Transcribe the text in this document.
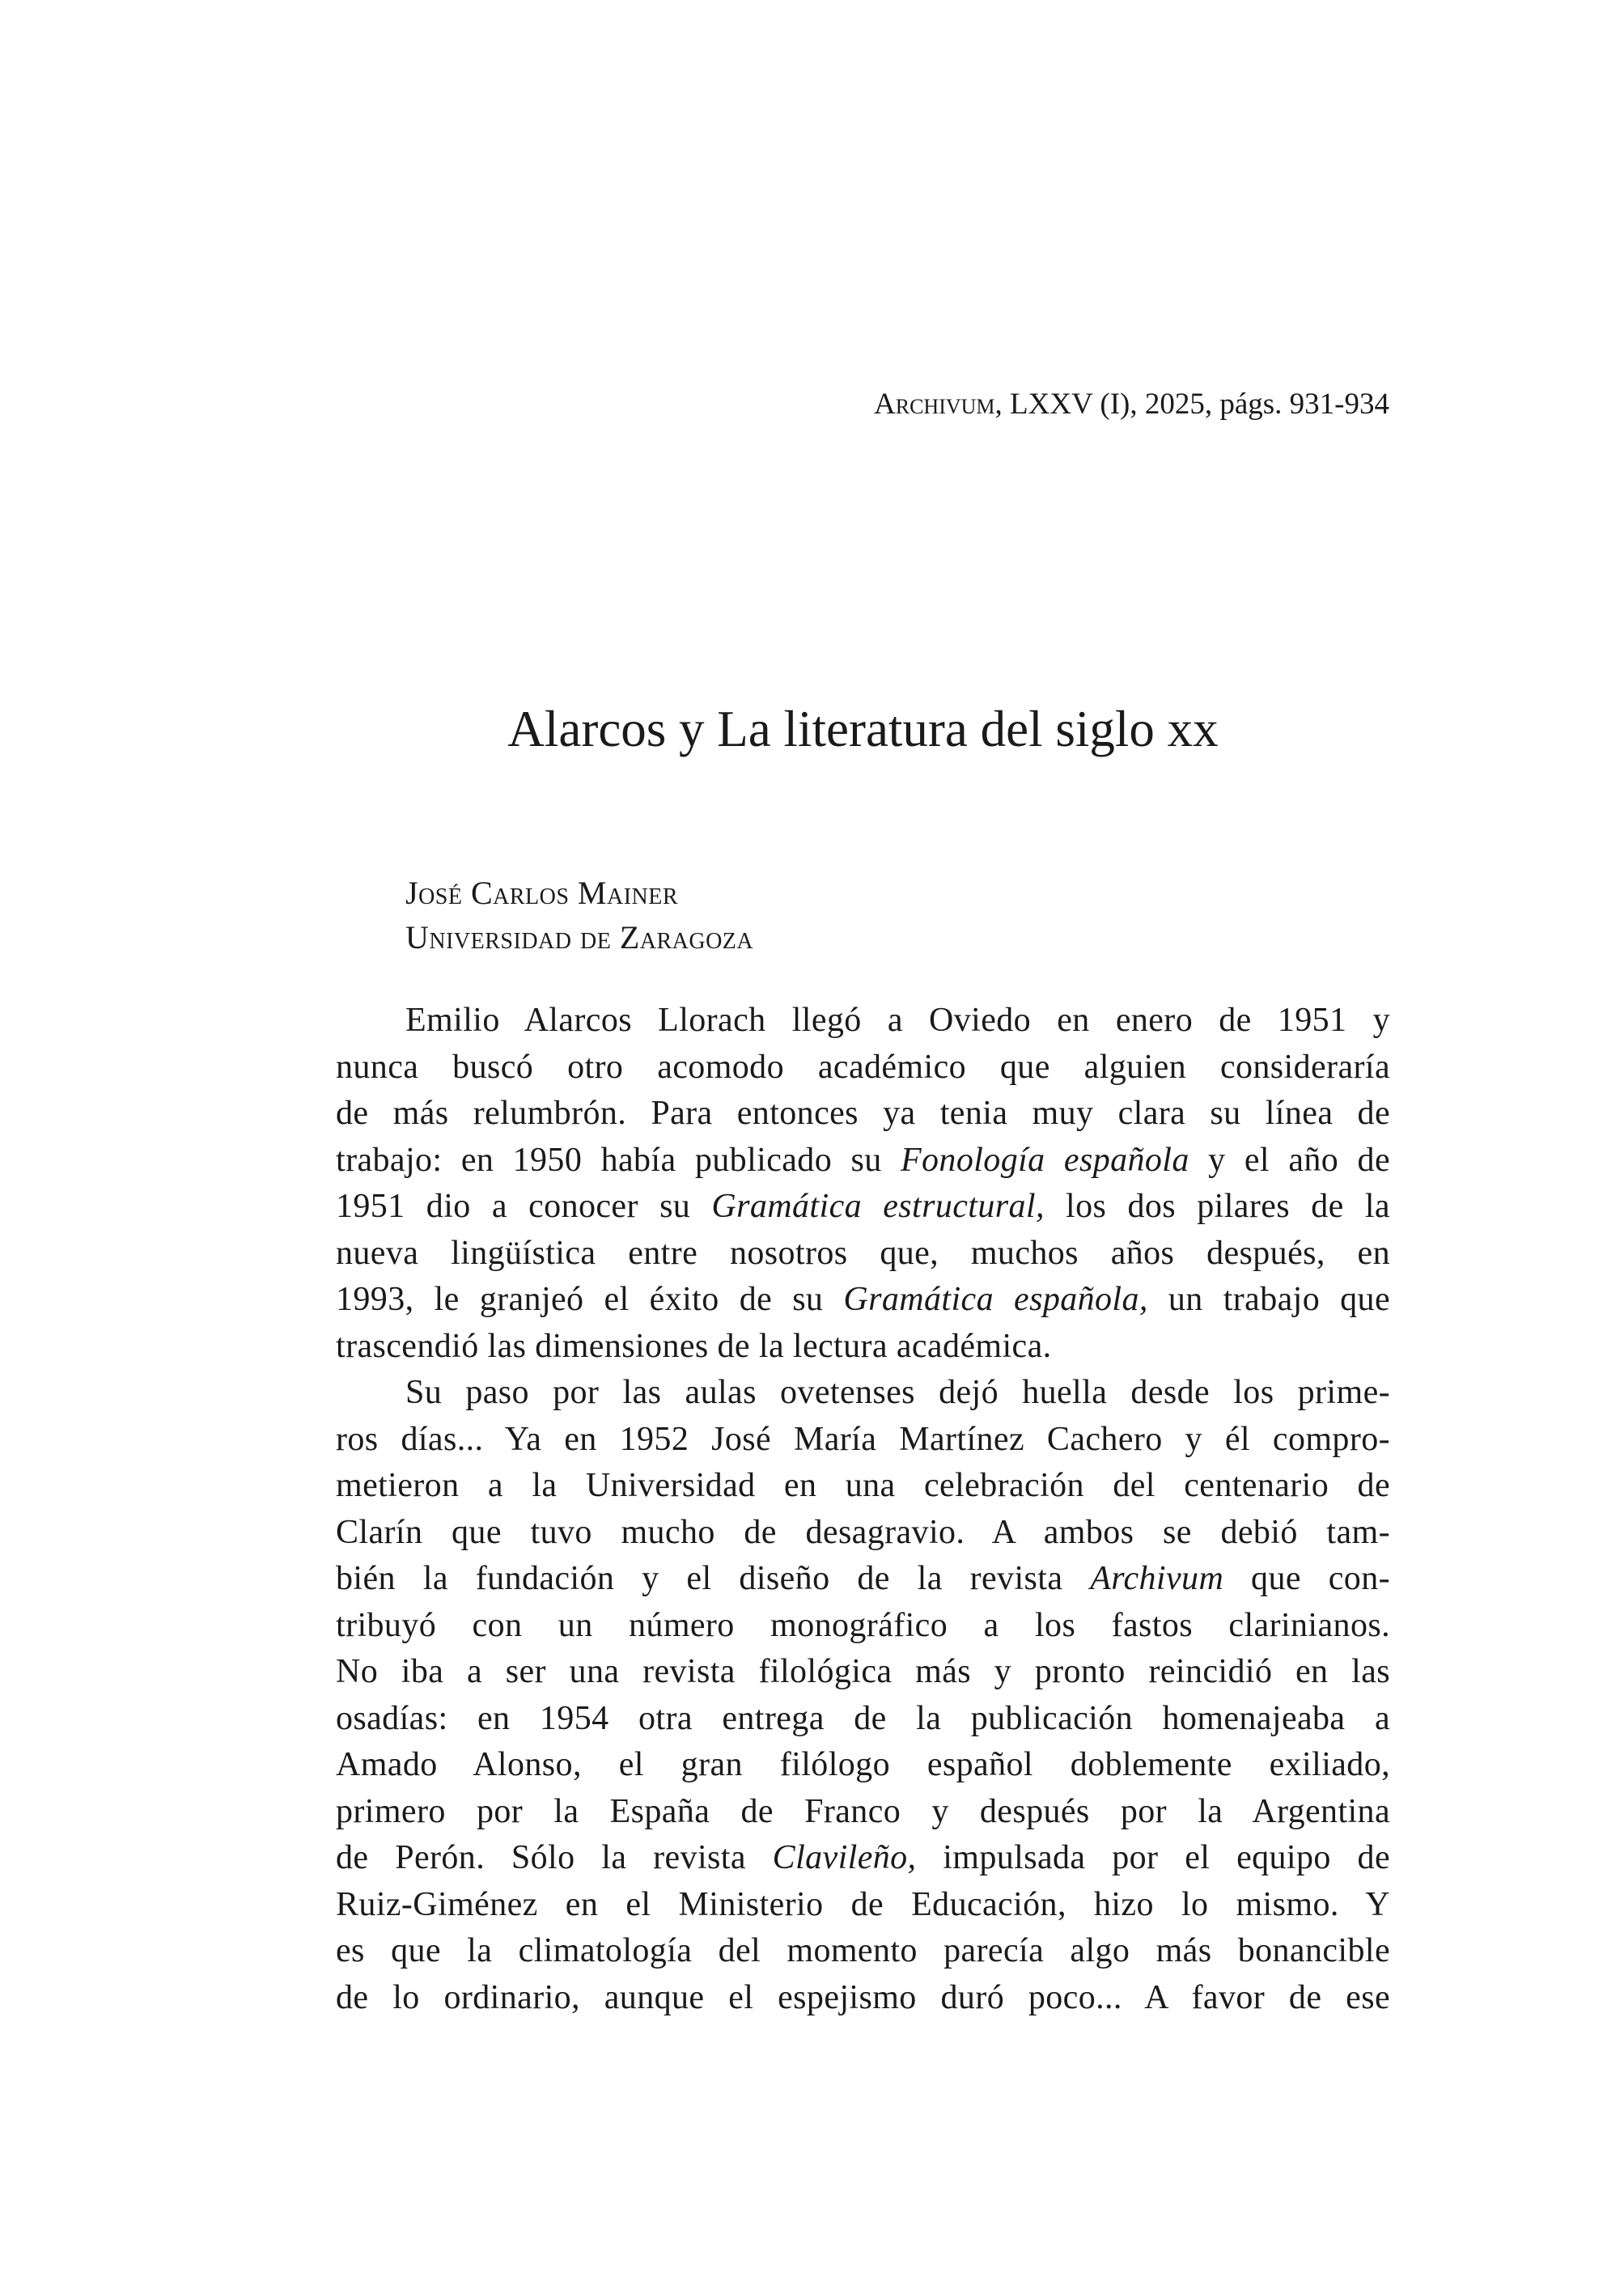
Archivum, LXXV (I), 2025, págs. 931-934
Alarcos y La literatura del siglo xx
José Carlos Mainer
Universidad de Zaragoza
Emilio Alarcos Llorach llegó a Oviedo en enero de 1951 y
nunca buscó otro acomodo académico que alguien consideraría
de más relumbrón. Para entonces ya tenia muy clara su línea de
trabajo: en 1950 había publicado su Fonología española y el año de
1951 dio a conocer su Gramática estructural, los dos pilares de la
nueva lingüística entre nosotros que, muchos años después, en
1993, le granjeó el éxito de su Gramática española, un trabajo que
trascendió las dimensiones de la lectura académica.
Su paso por las aulas ovetenses dejó huella desde los prime-
ros días... Ya en 1952 José María Martínez Cachero y él compro-
metieron a la Universidad en una celebración del centenario de
Clarín que tuvo mucho de desagravio. A ambos se debió tam-
bién la fundación y el diseño de la revista Archivum que con-
tribuyó con un número monográfico a los fastos clarinianos.
No iba a ser una revista filológica más y pronto reincidió en las
osadías: en 1954 otra entrega de la publicación homenajeaba a
Amado Alonso, el gran filólogo español doblemente exiliado,
primero por la España de Franco y después por la Argentina
de Perón. Sólo la revista Clavileño, impulsada por el equipo de
Ruiz-Giménez en el Ministerio de Educación, hizo lo mismo. Y
es que la climatología del momento parecía algo más bonancible
de lo ordinario, aunque el espejismo duró poco... A favor de ese
